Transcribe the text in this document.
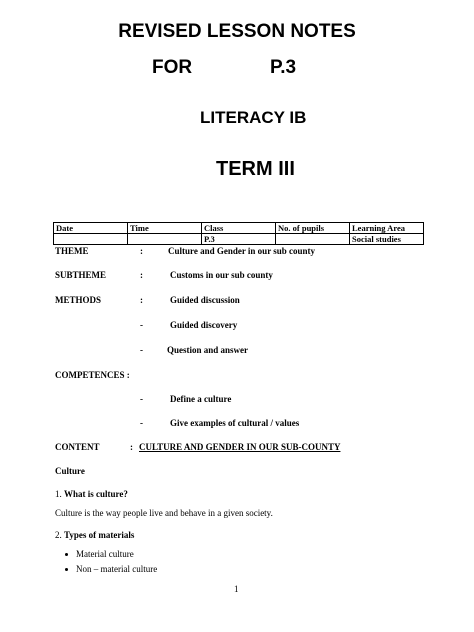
REVISED LESSON NOTES
FOR	P.3
LITERACY IB
TERM III
Date	Time	Class	No. of pupils	Learning Area
		P.3		Social studies
THEME	:	Culture and Gender in our sub county
SUBTHEME	:	Customs in our sub county
METHODS	:	Guided discussion
-	Guided discovery
-	Question and answer
COMPETENCES :
-	Define a culture
-	Give examples of cultural / values
CONTENT	: CULTURE AND GENDER IN OUR SUB-COUNTY
Culture
1. What is culture?
Culture is the way people live and behave in a given society.
2. Types of materials
Material culture
Non – material culture
1
